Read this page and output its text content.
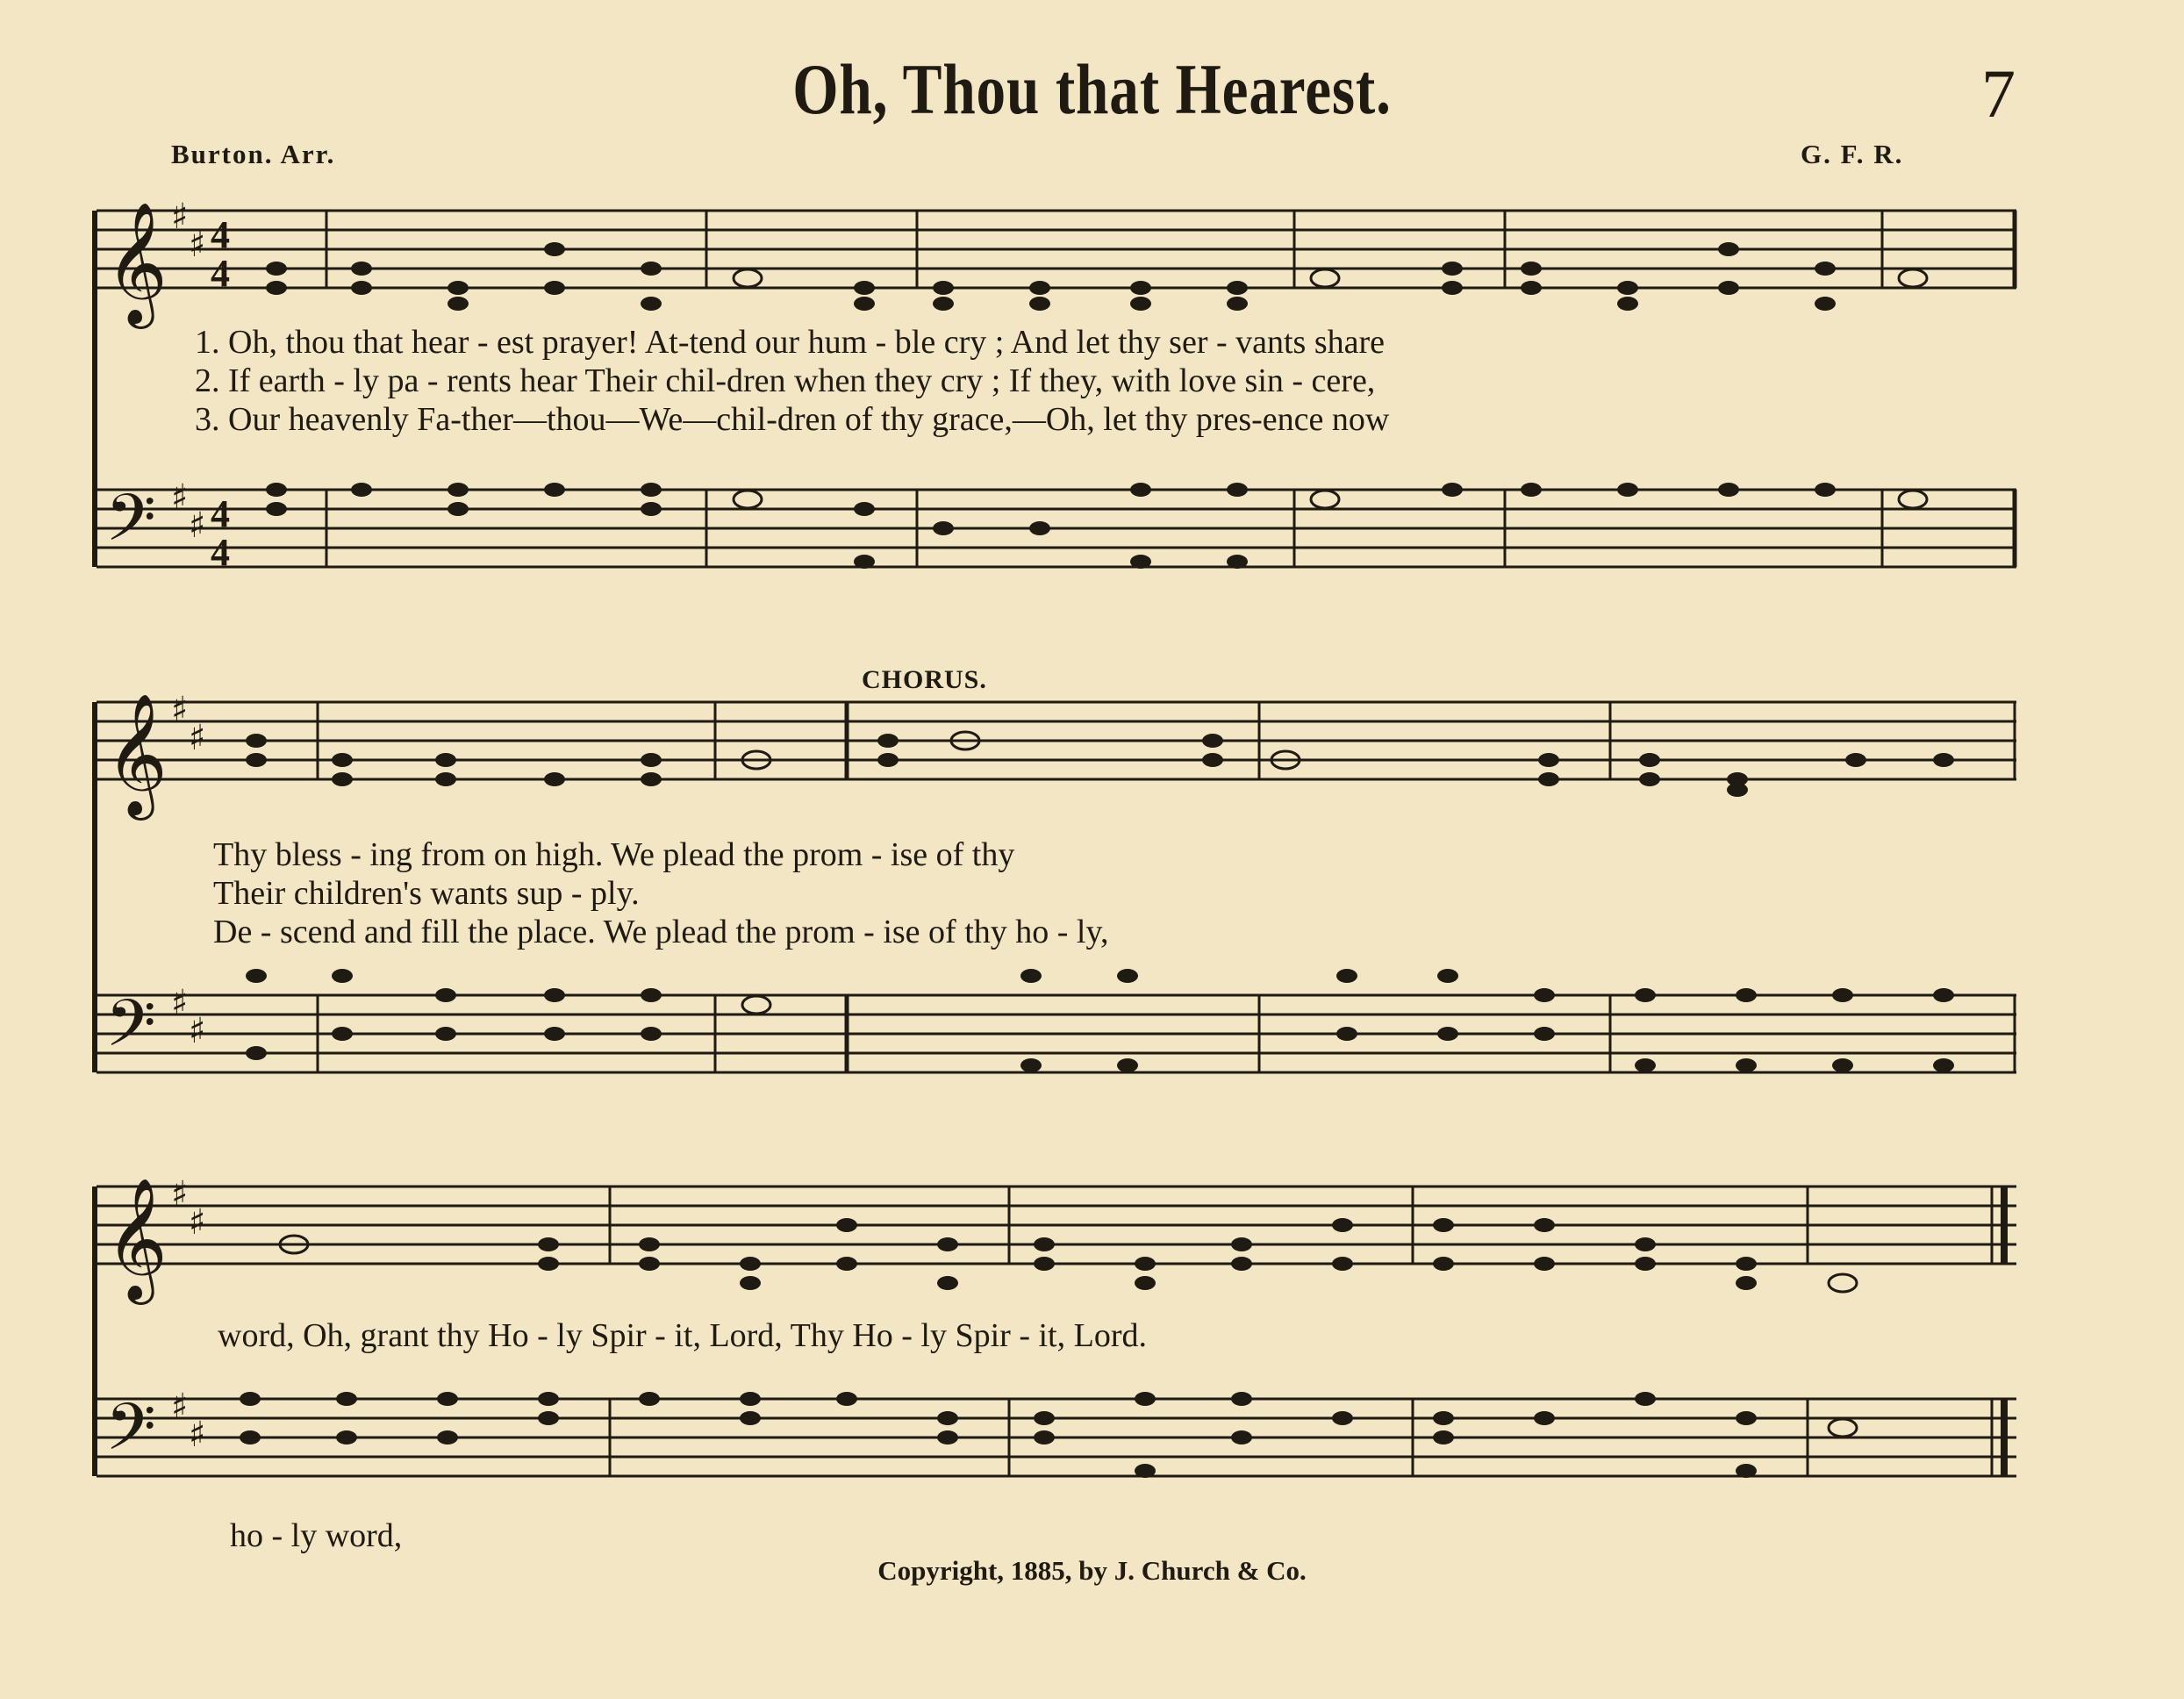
𝄞
𝄢
𝄞
𝄢
𝄞
𝄢
♯
♯
♯
♯
♯
♯
♯
♯
♯
♯
♯
♯
4
4
4
4
Oh, Thou that Hearest.	7
Burton. Arr.	G. F. R.
1. Oh, thou that hear - est prayer! At-tend our hum - ble cry ; And let thy ser - vants share
2. If earth - ly pa - rents hear Their chil-dren when they cry ; If they, with love sin - cere,
3. Our heavenly Fa-ther—thou—We—chil-dren of thy grace,—Oh, let thy pres-ence now
CHORUS.
Thy bless - ing from on high. We plead the prom - ise of thy
Their children's wants sup - ply.
De - scend and fill the place. We plead the prom - ise of thy ho - ly,
word, Oh, grant thy Ho - ly Spir - it, Lord, Thy Ho - ly Spir - it, Lord.
ho - ly word,
Copyright, 1885, by J. Church & Co.
